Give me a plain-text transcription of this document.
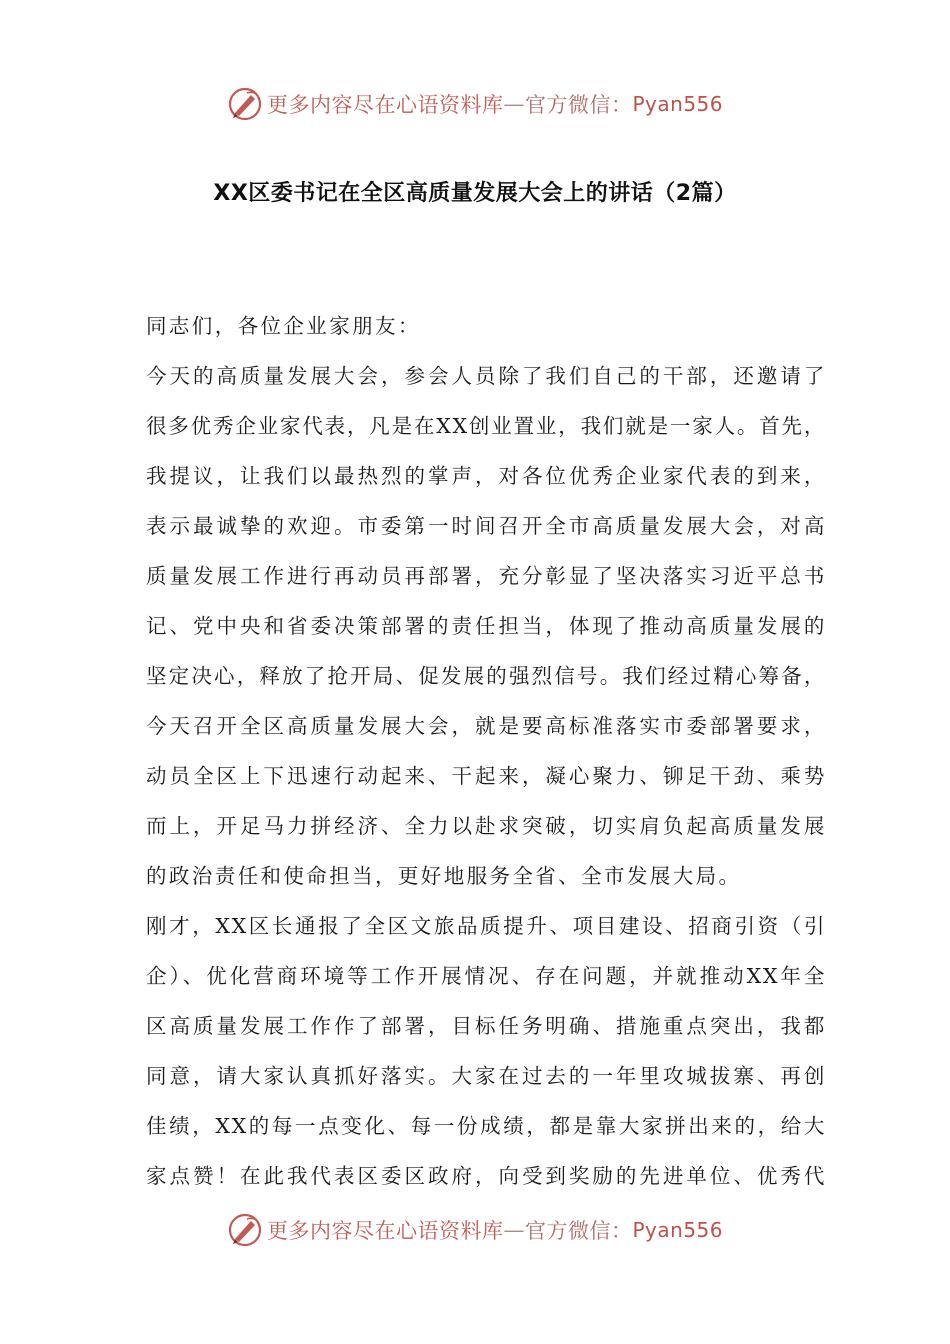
更多内容尽在心语资料库 — 官方微信： Pyan556
XX区委书记在全区高质量发展大会上的讲话（2篇）
同志们，各位企业家朋友：
今天的高质量发展大会，参会人员除了我们自己的干部，还邀请了
很多优秀企业家代表，凡是在XX创业置业，我们就是一家人。首先，
我提议，让我们以最热烈的掌声，对各位优秀企业家代表的到来，
表示最诚挚的欢迎。市委第一时间召开全市高质量发展大会，对高
质量发展工作进行再动员再部署，充分彰显了坚决落实习近平总书
记、党中央和省委决策部署的责任担当，体现了推动高质量发展的
坚定决心，释放了抢开局、促发展的强烈信号。我们经过精心筹备，
今天召开全区高质量发展大会，就是要高标准落实市委部署要求，
动员全区上下迅速行动起来、干起来，凝心聚力、铆足干劲、乘势
而上，开足马力拼经济、全力以赴求突破，切实肩负起高质量发展
的政治责任和使命担当，更好地服务全省、全市发展大局。
刚才，XX区长通报了全区文旅品质提升、项目建设、招商引资（引
企）、优化营商环境等工作开展情况、存在问题，并就推动XX年全
区高质量发展工作作了部署，目标任务明确、措施重点突出，我都
同意，请大家认真抓好落实。大家在过去的一年里攻城拔寨、再创
佳绩，XX的每一点变化、每一份成绩，都是靠大家拼出来的，给大
家点赞！在此我代表区委区政府，向受到奖励的先进单位、优秀代
更多内容尽在心语资料库 — 官方微信： Pyan556
